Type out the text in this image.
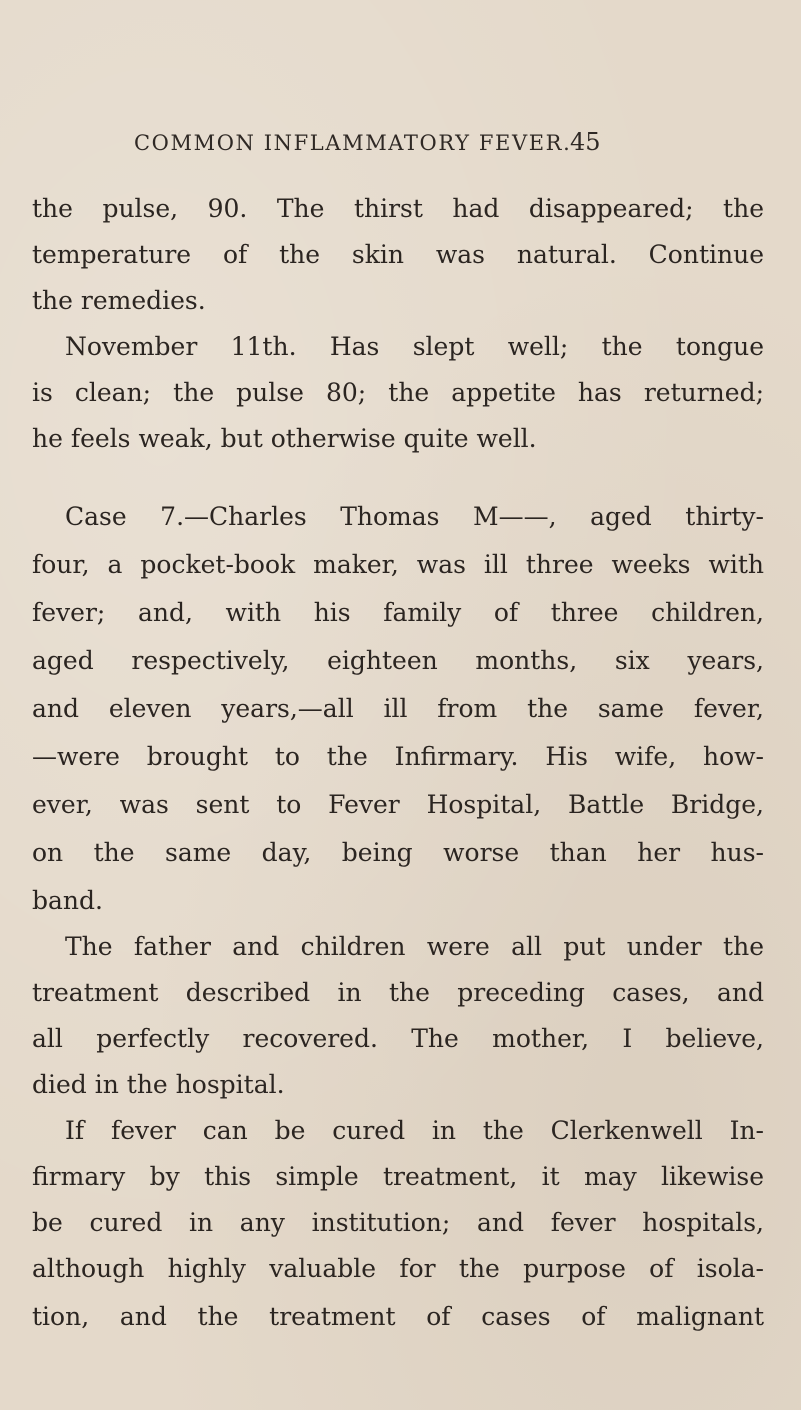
COMMON INFLAMMATORY FEVER.
45
the pulse, 90. The thirst had disappeared; the
temperature of the skin was natural. Continue
the remedies.
November 11th. Has slept well; the tongue
is clean; the pulse 80; the appetite has returned;
he feels weak, but otherwise quite well.
Case 7.—Charles Thomas M——, aged thirty-
four, a pocket-book maker, was ill three weeks with
fever; and, with his family of three children,
aged respectively, eighteen months, six years,
and eleven years,—all ill from the same fever,
—were brought to the Infirmary. His wife, how-
ever, was sent to Fever Hospital, Battle Bridge,
on the same day, being worse than her hus-
band.
The father and children were all put under the
treatment described in the preceding cases, and
all perfectly recovered. The mother, I believe,
died in the hospital.
If fever can be cured in the Clerkenwell In-
firmary by this simple treatment, it may likewise
be cured in any institution; and fever hospitals,
although highly valuable for the purpose of isola-
tion, and the treatment of cases of malignant
